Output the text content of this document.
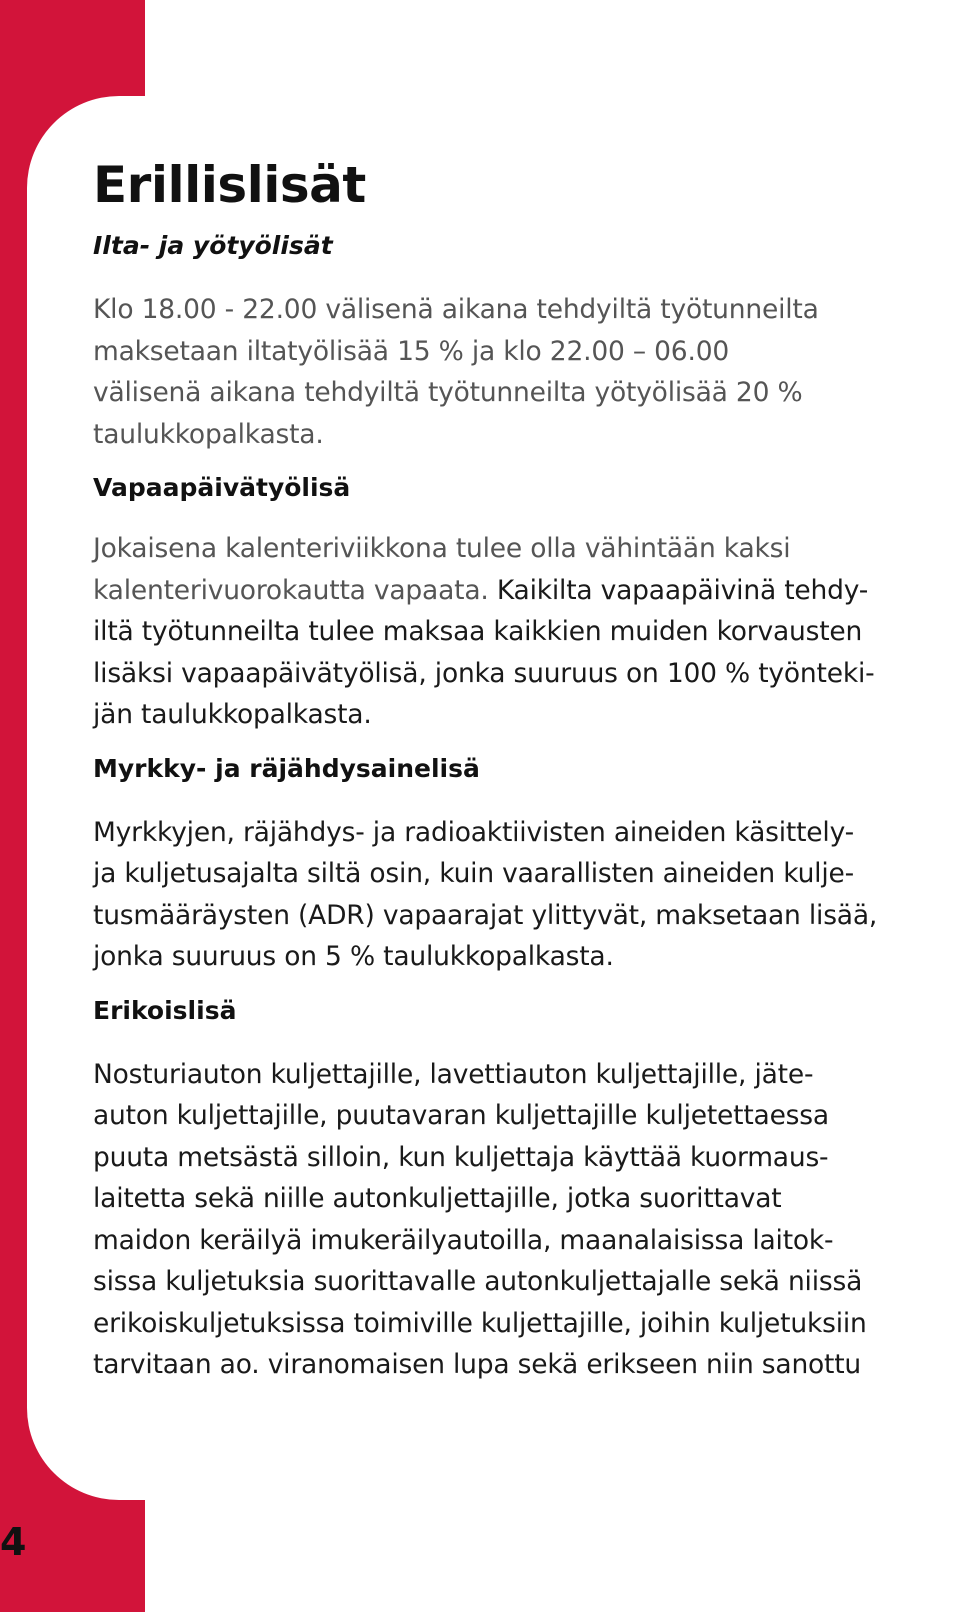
4
Erillislisät
Ilta- ja yötyölisät

Klo 18.00 - 22.00 välisenä aikana tehdyiltä työtunneilta
maksetaan iltatyölisää 15 % ja klo 22.00 – 06.00
välisenä aikana tehdyiltä työtunneilta yötyölisää 20 %
taulukkopalkasta.

Vapaapäivätyölisä

Jokaisena kalenteriviikkona tulee olla vähintään kaksi
kalenterivuorokautta vapaata. Kaikilta vapaapäivinä tehdy-
iltä työtunneilta tulee maksaa kaikkien muiden korvausten
lisäksi vapaapäivätyölisä, jonka suuruus on 100 % työnteki-
jän taulukkopalkasta.

Myrkky- ja räjähdysainelisä

Myrkkyjen, räjähdys- ja radioaktiivisten aineiden käsittely-
ja kuljetusajalta siltä osin, kuin vaarallisten aineiden kulje-
tusmääräysten (ADR) vapaarajat ylittyvät, maksetaan lisää,
jonka suuruus on 5 % taulukkopalkasta.

Erikoislisä

Nosturiauton kuljettajille, lavettiauton kuljettajille, jäte-
auton kuljettajille, puutavaran kuljettajille kuljetettaessa
puuta metsästä silloin, kun kuljettaja käyttää kuormaus-
laitetta sekä niille autonkuljettajille, jotka suorittavat
maidon keräilyä imukeräilyautoilla, maanalaisissa laitok-
sissa kuljetuksia suorittavalle autonkuljettajalle sekä niissä
erikoiskuljetuksissa toimiville kuljettajille, joihin kuljetuksiin
tarvitaan ao. viranomaisen lupa sekä erikseen niin sanottu
